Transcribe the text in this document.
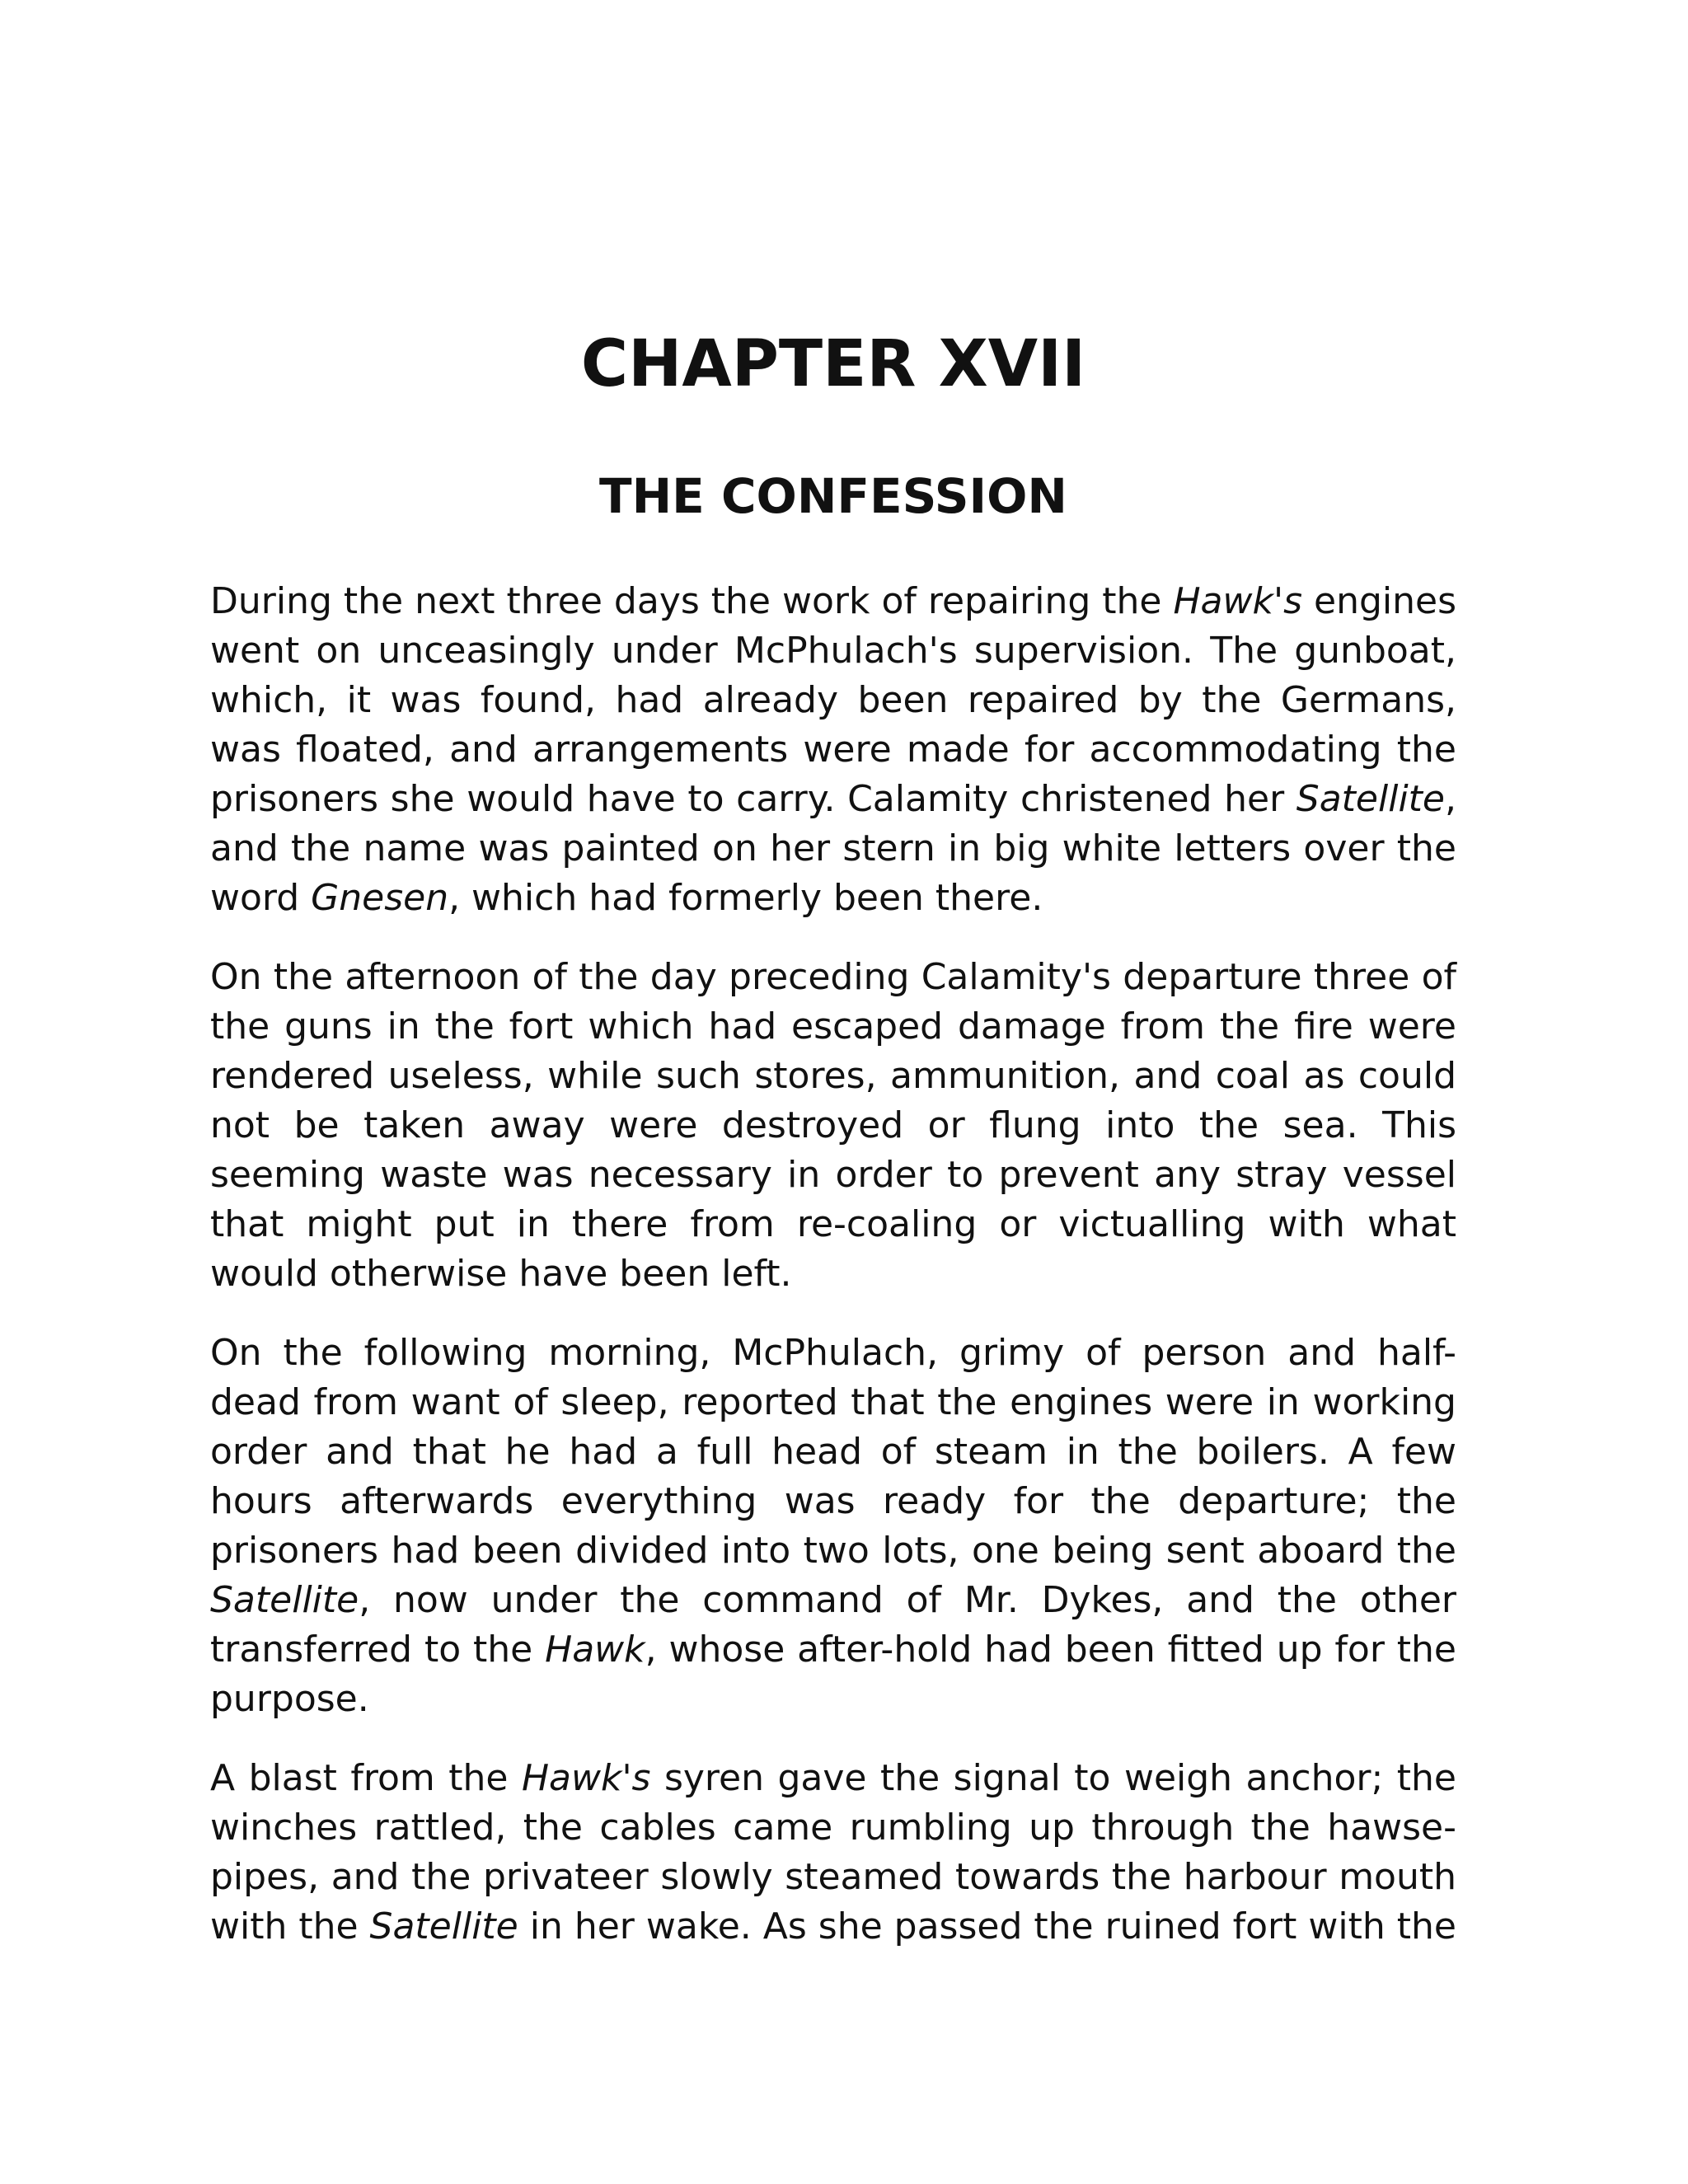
CHAPTER XVII
THE CONFESSION

During the next three days the work of repairing the Hawk's engines went on unceasingly under McPhulach's supervision. The gunboat, which, it was found, had already been repaired by the Germans, was floated, and arrangements were made for accommodating the prisoners she would have to carry. Calamity christened her Satellite, and the name was painted on her stern in big white letters over the word Gnesen, which had formerly been there.

On the afternoon of the day preceding Calamity's departure three of the guns in the fort which had escaped damage from the fire were rendered useless, while such stores, ammunition, and coal as could not be taken away were destroyed or flung into the sea. This seeming waste was necessary in order to prevent any stray vessel that might put in there from re-coaling or victualling with what would otherwise have been left.

On the following morning, McPhulach, grimy of person and half-dead from want of sleep, reported that the engines were in working order and that he had a full head of steam in the boilers. A few hours afterwards everything was ready for the departure; the prisoners had been divided into two lots, one being sent aboard the Satellite, now under the command of Mr. Dykes, and the other transferred to the Hawk, whose after-hold had been fitted up for the purpose.

A blast from the Hawk's syren gave the signal to weigh anchor; the winches rattled, the cables came rumbling up through the hawse-pipes, and the privateer slowly steamed towards the harbour mouth with the Satellite in her wake. As she passed the ruined fort with the
